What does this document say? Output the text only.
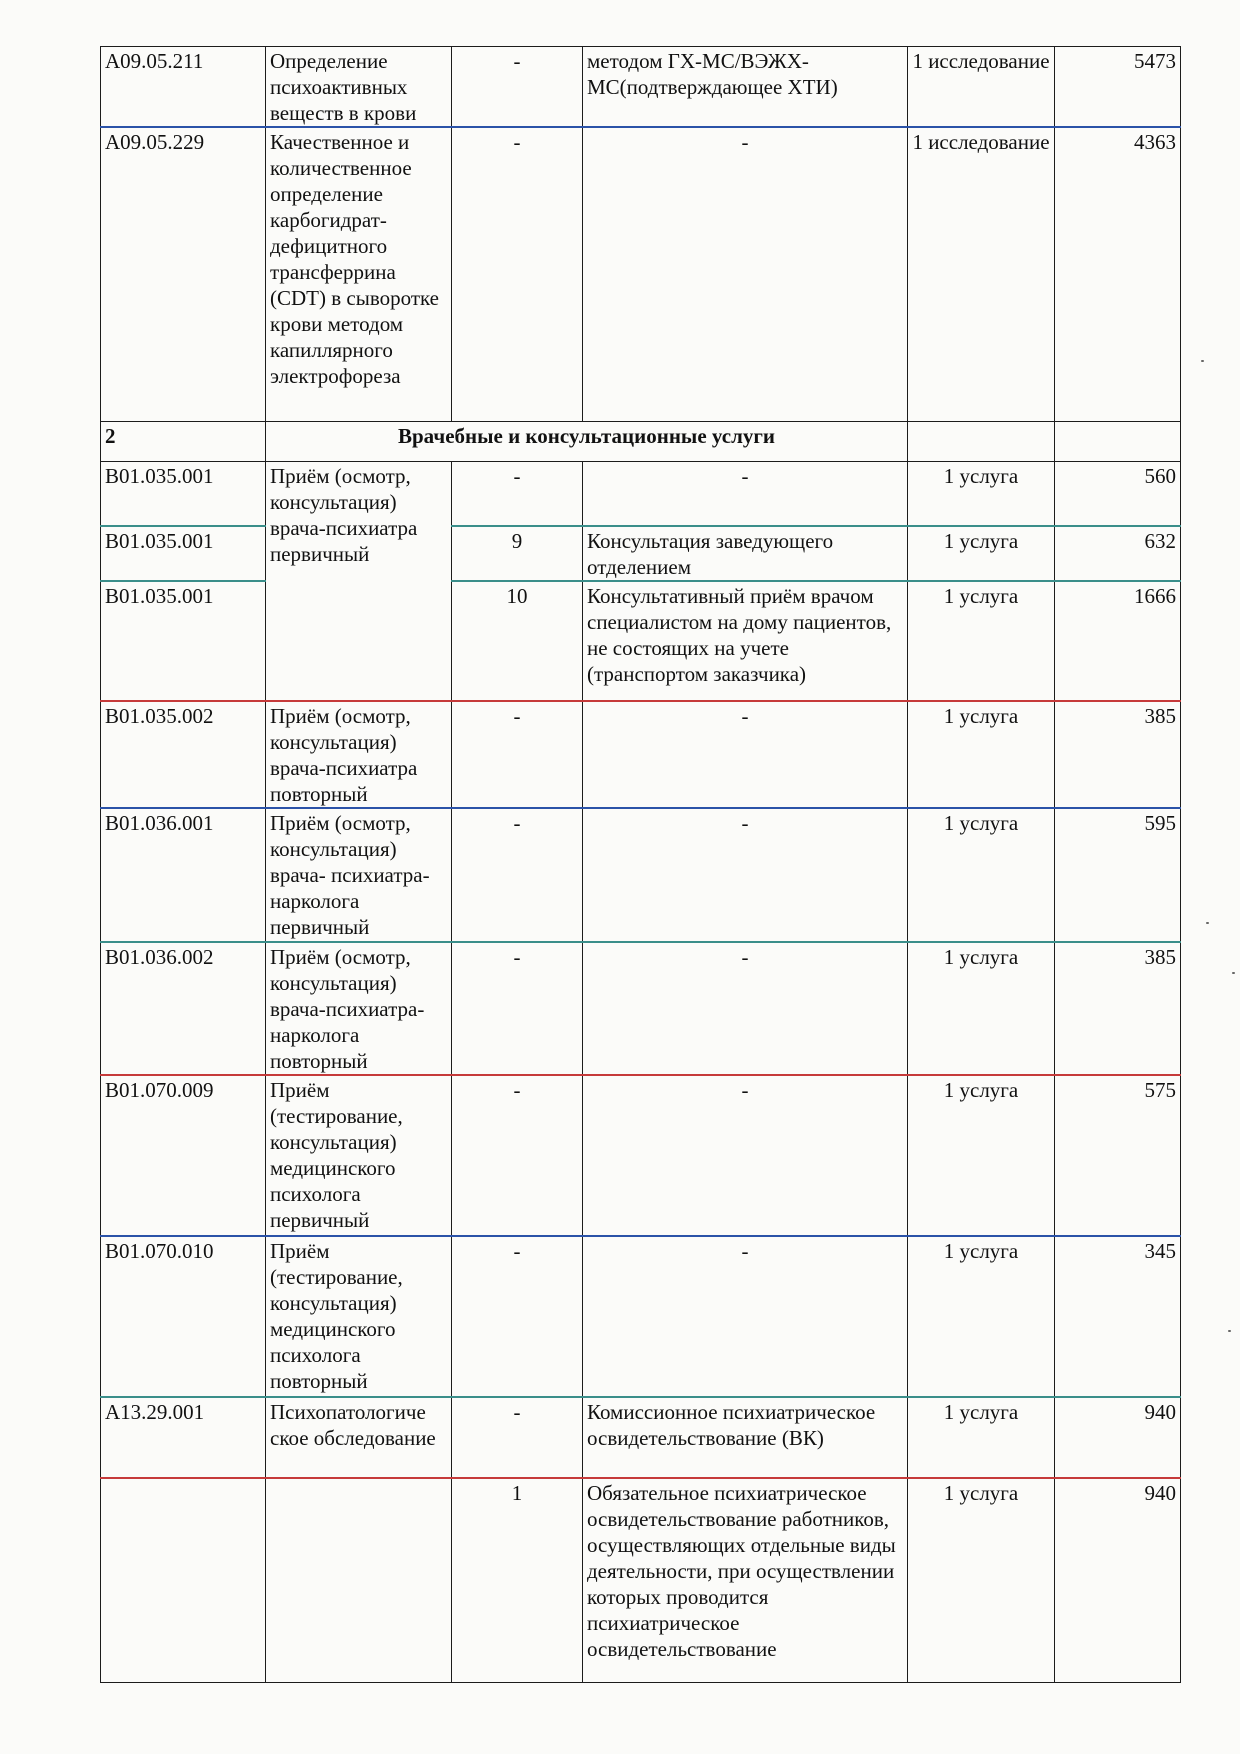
А09.05.211	Определение психоактивных веществ в крови	-	методом ГХ-МС/ВЭЖХ-МС(подтверждающее ХТИ)	1 исследование	5473
А09.05.229	Качественное и количественное определение карбогидрат-дефицитного трансферрина (CDT) в сыворотке крови методом капиллярного электрофореза	-	-	1 исследование	4363
2	Врачебные и консультационные услуги				
В01.035.001	Приём (осмотр, консультация) врача-психиатра первичный	-	-	1 услуга	560
В01.035.001		9	Консультация заведующего отделением	1 услуга	632
В01.035.001		10	Консультативный приём врачом специалистом на дому пациентов, не состоящих на учете (транспортом заказчика)	1 услуга	1666
В01.035.002	Приём (осмотр, консультация) врача-психиатра повторный	-	-	1 услуга	385
В01.036.001	Приём (осмотр, консультация) врача- психиатра-нарколога первичный	-	-	1 услуга	595
В01.036.002	Приём (осмотр, консультация) врача-психиатра-нарколога повторный	-	-	1 услуга	385
В01.070.009	Приём (тестирование, консультация) медицинского психолога первичный	-	-	1 услуга	575
В01.070.010	Приём (тестирование, консультация) медицинского психолога повторный	-	-	1 услуга	345
А13.29.001	Психопатологиче ское обследование	-	Комиссионное психиатрическое освидетельствование (ВК)	1 услуга	940
		1	Обязательное психиатрическое освидетельствование работников, осуществляющих отдельные виды деятельности, при осуществлении которых проводится психиатрическое освидетельствование	1 услуга	940
